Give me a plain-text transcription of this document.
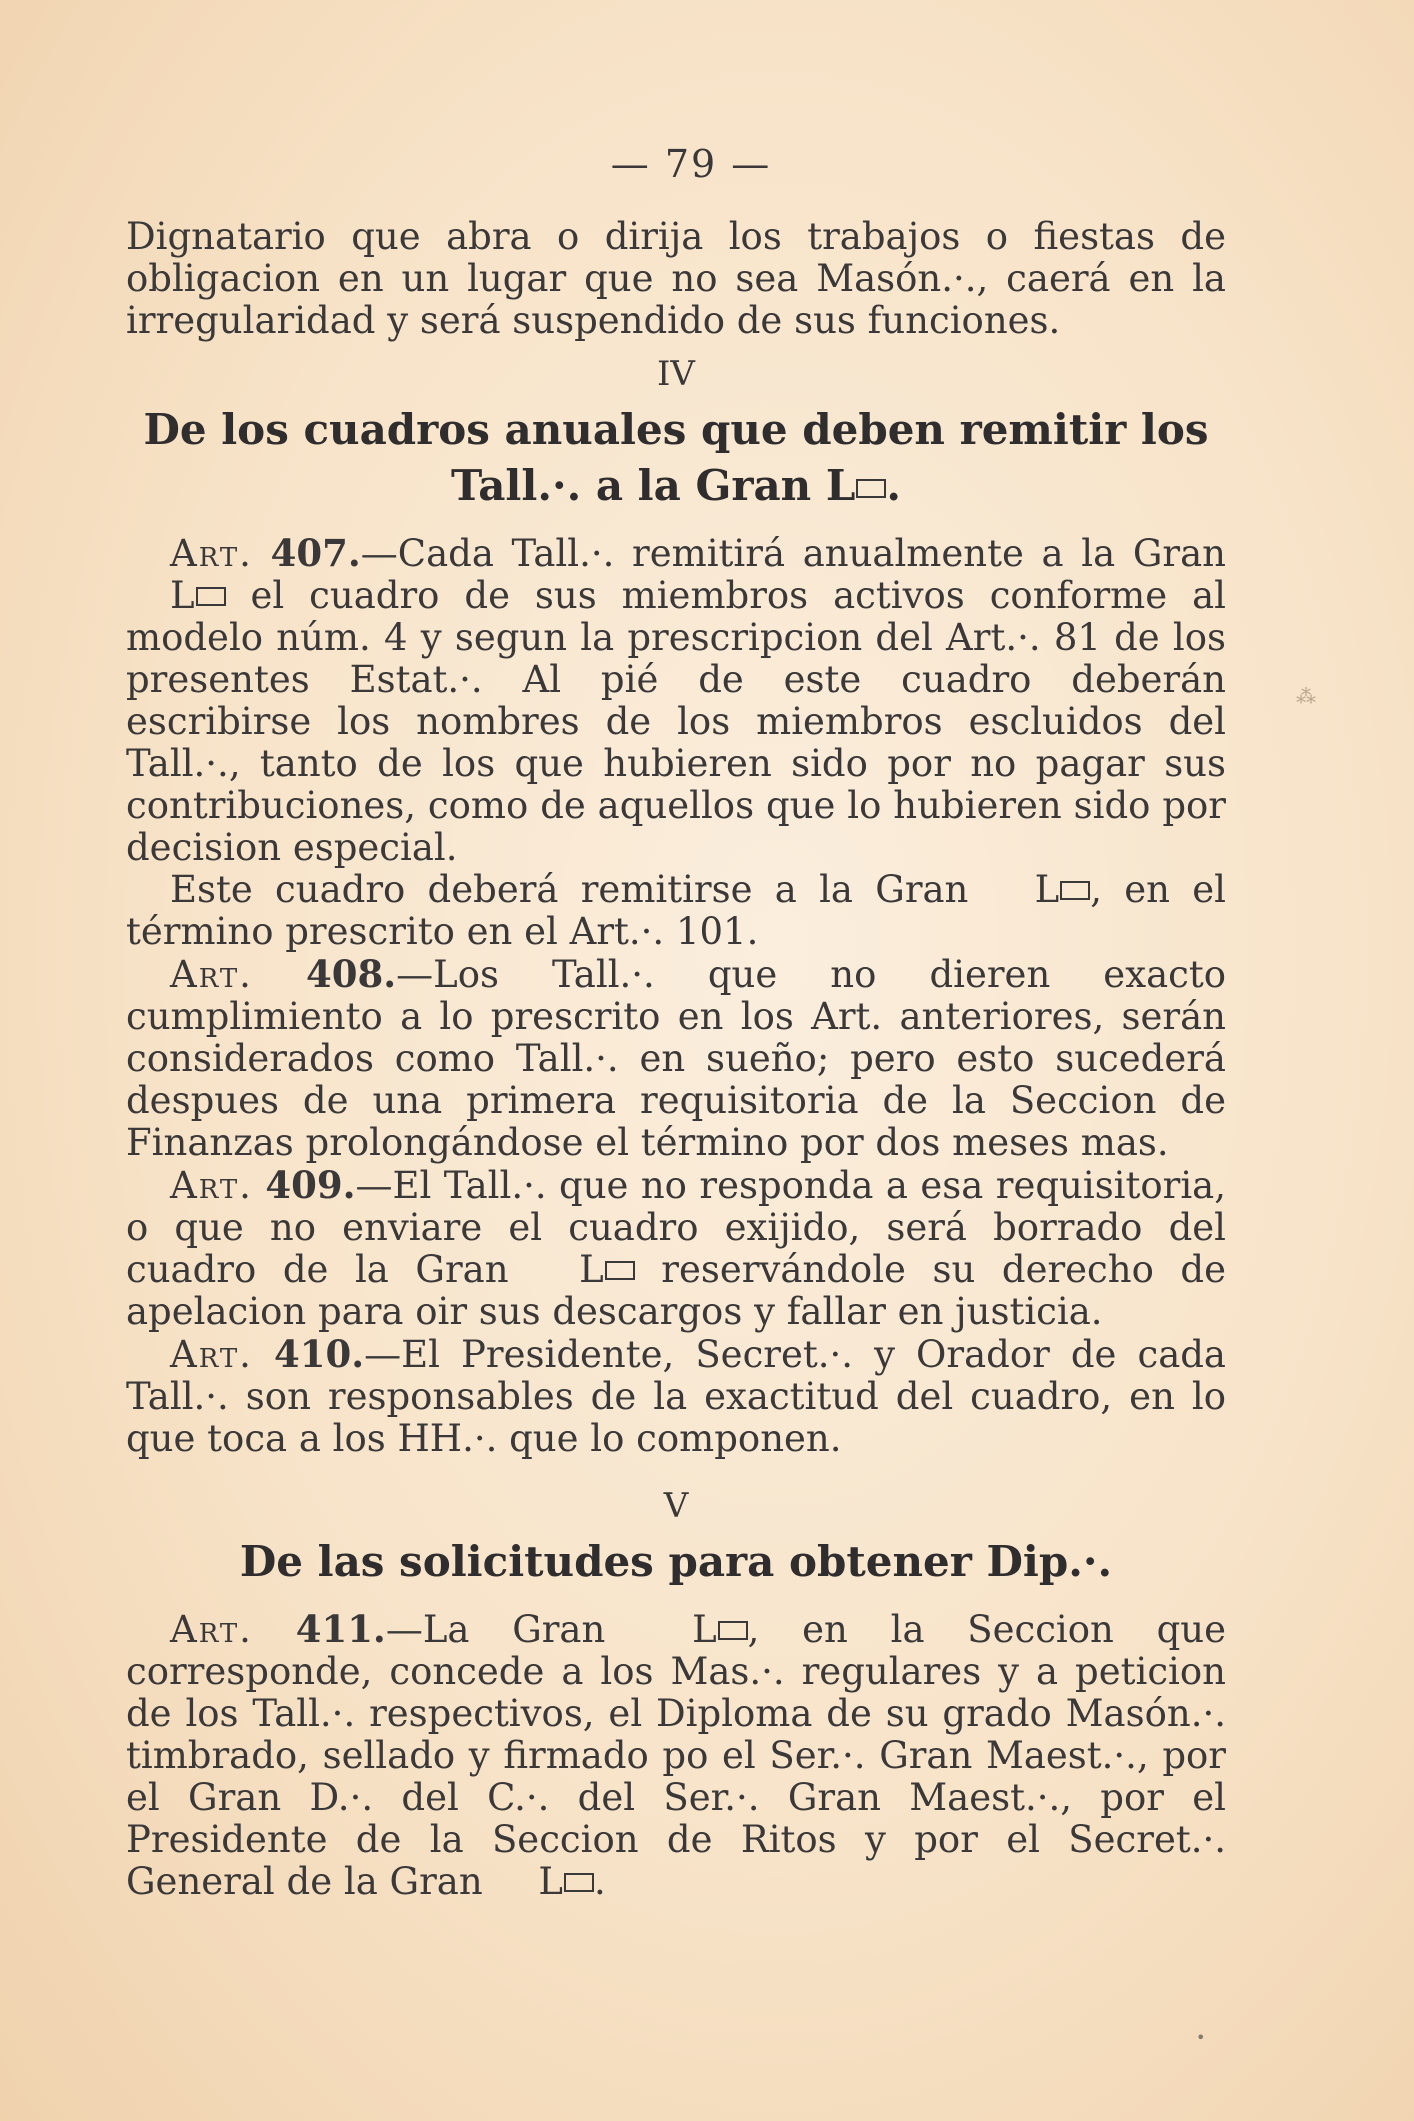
— 79 —

Dignatario que abra o dirija los trabajos o fiestas de obligacion en un lugar que no sea Masón.·., caerá en la irregularidad y será suspendido de sus funciones.

IV
De los cuadros anuales que deben remitir los Tall.·. a la Gran L .

Art. 407.—Cada Tall.·. remitirá anualmente a la Gran L el cuadro de sus miembros activos conforme al modelo núm. 4 y segun la prescripcion del Art.·. 81 de los presentes Estat.·. Al pié de este cuadro deberán escribirse los nombres de los miembros escluidos del Tall.·., tanto de los que hubieren sido por no pagar sus contribuciones, como de aquellos que lo hubieren sido por decision especial.

Este cuadro deberá remitirse a la Gran L , en el término prescrito en el Art.·. 101.

Art. 408.—Los Tall.·. que no dieren exacto cumplimiento a lo prescrito en los Art. anteriores, serán considerados como Tall.·. en sueño; pero esto sucederá despues de una primera requisitoria de la Seccion de Finanzas prolongándose el término por dos meses mas.

Art. 409.—El Tall.·. que no responda a esa requisitoria, o que no enviare el cuadro exijido, será borrado del cuadro de la Gran L reservándole su derecho de apelacion para oir sus descargos y fallar en justicia.

Art. 410.—El Presidente, Secret.·. y Orador de cada Tall.·. son responsables de la exactitud del cuadro, en lo que toca a los HH.·. que lo componen.

V
De las solicitudes para obtener Dip.·.

Art. 411.—La Gran L , en la Seccion que corresponde, concede a los Mas.·. regulares y a peticion de los Tall.·. respectivos, el Diploma de su grado Masón.·. timbrado, sellado y firmado po el Ser.·. Gran Maest.·., por el Gran D.·. del C.·. del Ser.·. Gran Maest.·., por el Presidente de la Seccion de Ritos y por el Secret.·. General de la Gran L .

⁂
•
